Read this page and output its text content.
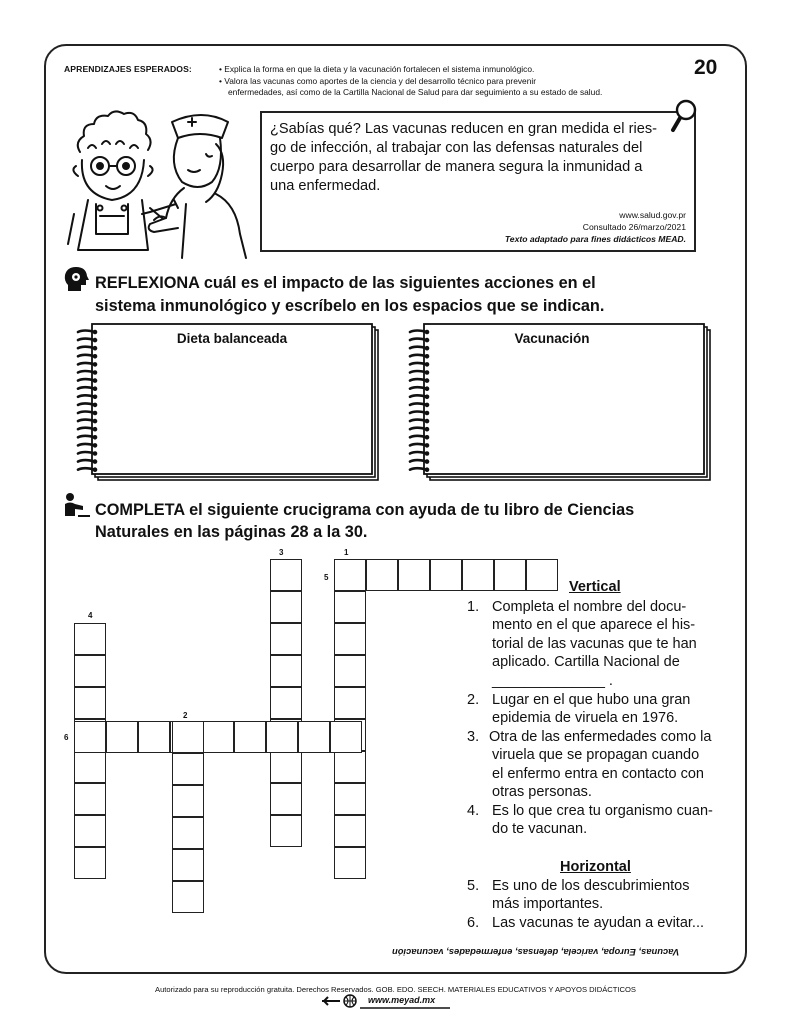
APRENDIZAJES ESPERADOS:	• Explica la forma en que la dieta y la vacunación fortalecen el sistema inmunológico.
• Valora las vacunas como aportes de la ciencia y del desarrollo técnico para prevenir
enfermedades, así como de la Cartilla Nacional de Salud para dar seguimiento a su estado de salud.
20
¿Sabías qué? Las vacunas reducen en gran medida el ries-
go de infección, al trabajar con las defensas naturales del
cuerpo para desarrollar de manera segura la inmunidad a
una enfermedad.
www.salud.gov.pr
Consultado 26/marzo/2021
Texto adaptado para fines didácticos MEAD.
REFLEXIONA cuál es el impacto de las siguientes acciones en el
sistema inmunológico y escríbelo en los espacios que se indican.
Dieta balanceada	Vacunación
COMPLETA el siguiente crucigrama con ayuda de tu libro de Ciencias
Naturales en las páginas 28 a la 30.
3	1
5
4
2
6
Vertical
1. Completa el nombre del docu-
mento en el que aparece el his-
torial de las vacunas que te han
aplicado. Cartilla Nacional de
______________ .
2. Lugar en el que hubo una gran
epidemia de viruela en 1976.
3. Otra de las enfermedades como la
viruela que se propagan cuando
el enfermo entra en contacto con
otras personas.
4. Es lo que crea tu organismo cuan-
do te vacunan.
Horizontal
5. Es uno de los descubrimientos
más importantes.
6. Las vacunas te ayudan a evitar...
Vacunas, Europa, varicela, defensas, enfermedades, vacunación
Autorizado para su reproducción gratuita. Derechos Reservados. GOB. EDO. SEECH. MATERIALES EDUCATIVOS Y APOYOS DIDÁCTICOS
www.meyad.mx
